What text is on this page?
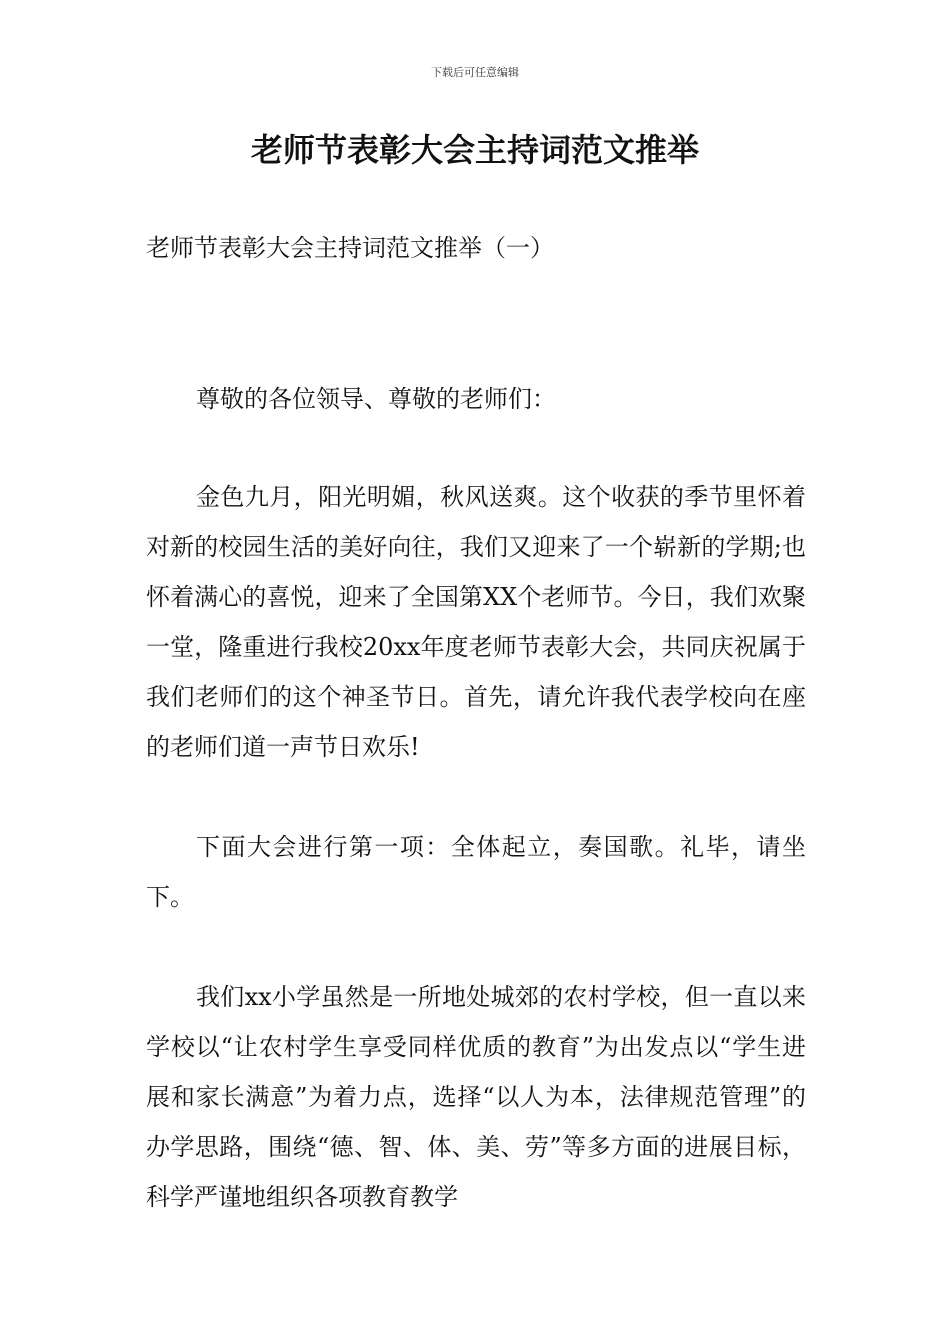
下载后可任意编辑
老师节表彰大会主持词范文推举

老师节表彰大会主持词范文推举（一）

尊敬的各位领导、尊敬的老师们：

金色九月，阳光明媚，秋风送爽。这个收获的季节里怀着对新的校园生活的美好向往，我们又迎来了一个崭新的学期;也怀着满心的喜悦，迎来了全国第XX个老师节。今日，我们欢聚一堂，隆重进行我校20xx年度老师节表彰大会，共同庆祝属于我们老师们的这个神圣节日。首先，请允许我代表学校向在座的老师们道一声节日欢乐!

下面大会进行第一项：全体起立，奏国歌。礼毕，请坐下。

我们xx小学虽然是一所地处城郊的农村学校，但一直以来学校以“让农村学生享受同样优质的教育”为出发点以“学生进展和家长满意”为着力点，选择“以人为本，法律规范管理”的办学思路，围绕“德、智、体、美、劳”等多方面的进展目标，科学严谨地组织各项教育教学
